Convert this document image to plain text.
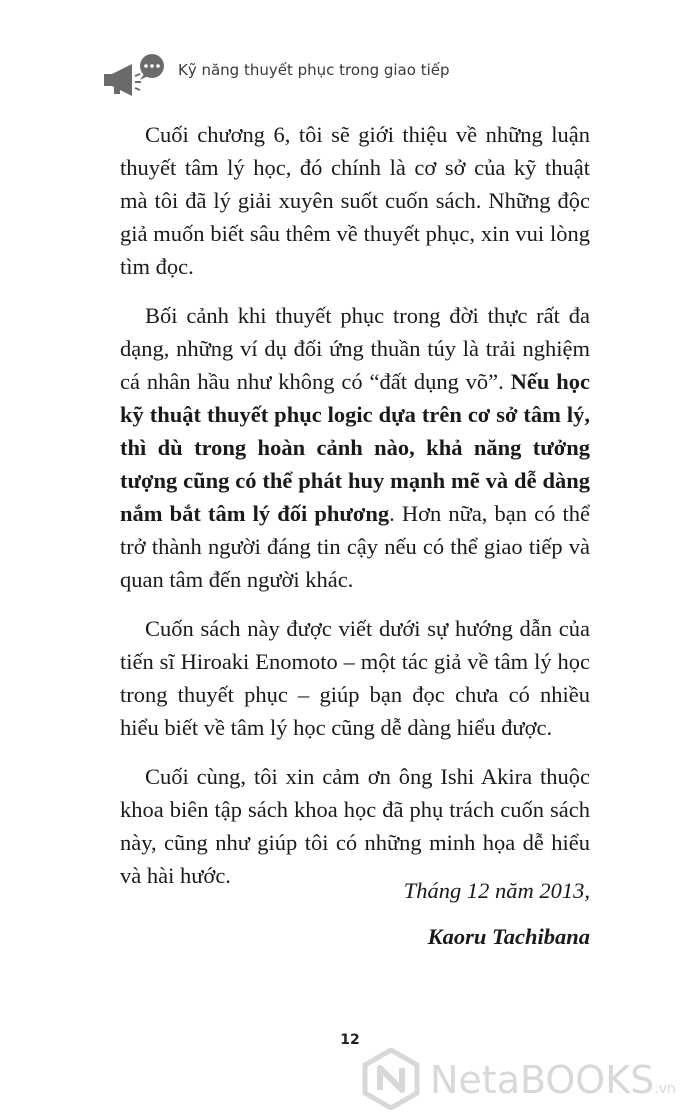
Kỹ năng thuyết phục trong giao tiếp

Cuối chương 6, tôi sẽ giới thiệu về những luận thuyết tâm lý học, đó chính là cơ sở của kỹ thuật mà tôi đã lý giải xuyên suốt cuốn sách. Những độc giả muốn biết sâu thêm về thuyết phục, xin vui lòng tìm đọc.

Bối cảnh khi thuyết phục trong đời thực rất đa dạng, những ví dụ đối ứng thuần túy là trải nghiệm cá nhân hầu như không có “đất dụng võ”. Nếu học kỹ thuật thuyết phục logic dựa trên cơ sở tâm lý, thì dù trong hoàn cảnh nào, khả năng tưởng tượng cũng có thể phát huy mạnh mẽ và dễ dàng nắm bắt tâm lý đối phương. Hơn nữa, bạn có thể trở thành người đáng tin cậy nếu có thể giao tiếp và quan tâm đến người khác.

Cuốn sách này được viết dưới sự hướng dẫn của tiến sĩ Hiroaki Enomoto – một tác giả về tâm lý học trong thuyết phục – giúp bạn đọc chưa có nhiều hiểu biết về tâm lý học cũng dễ dàng hiểu được.

Cuối cùng, tôi xin cảm ơn ông Ishi Akira thuộc khoa biên tập sách khoa học đã phụ trách cuốn sách này, cũng như giúp tôi có những minh họa dễ hiểu và hài hước.

Tháng 12 năm 2013,
Kaoru Tachibana
12
NetaBOOKS.vn
